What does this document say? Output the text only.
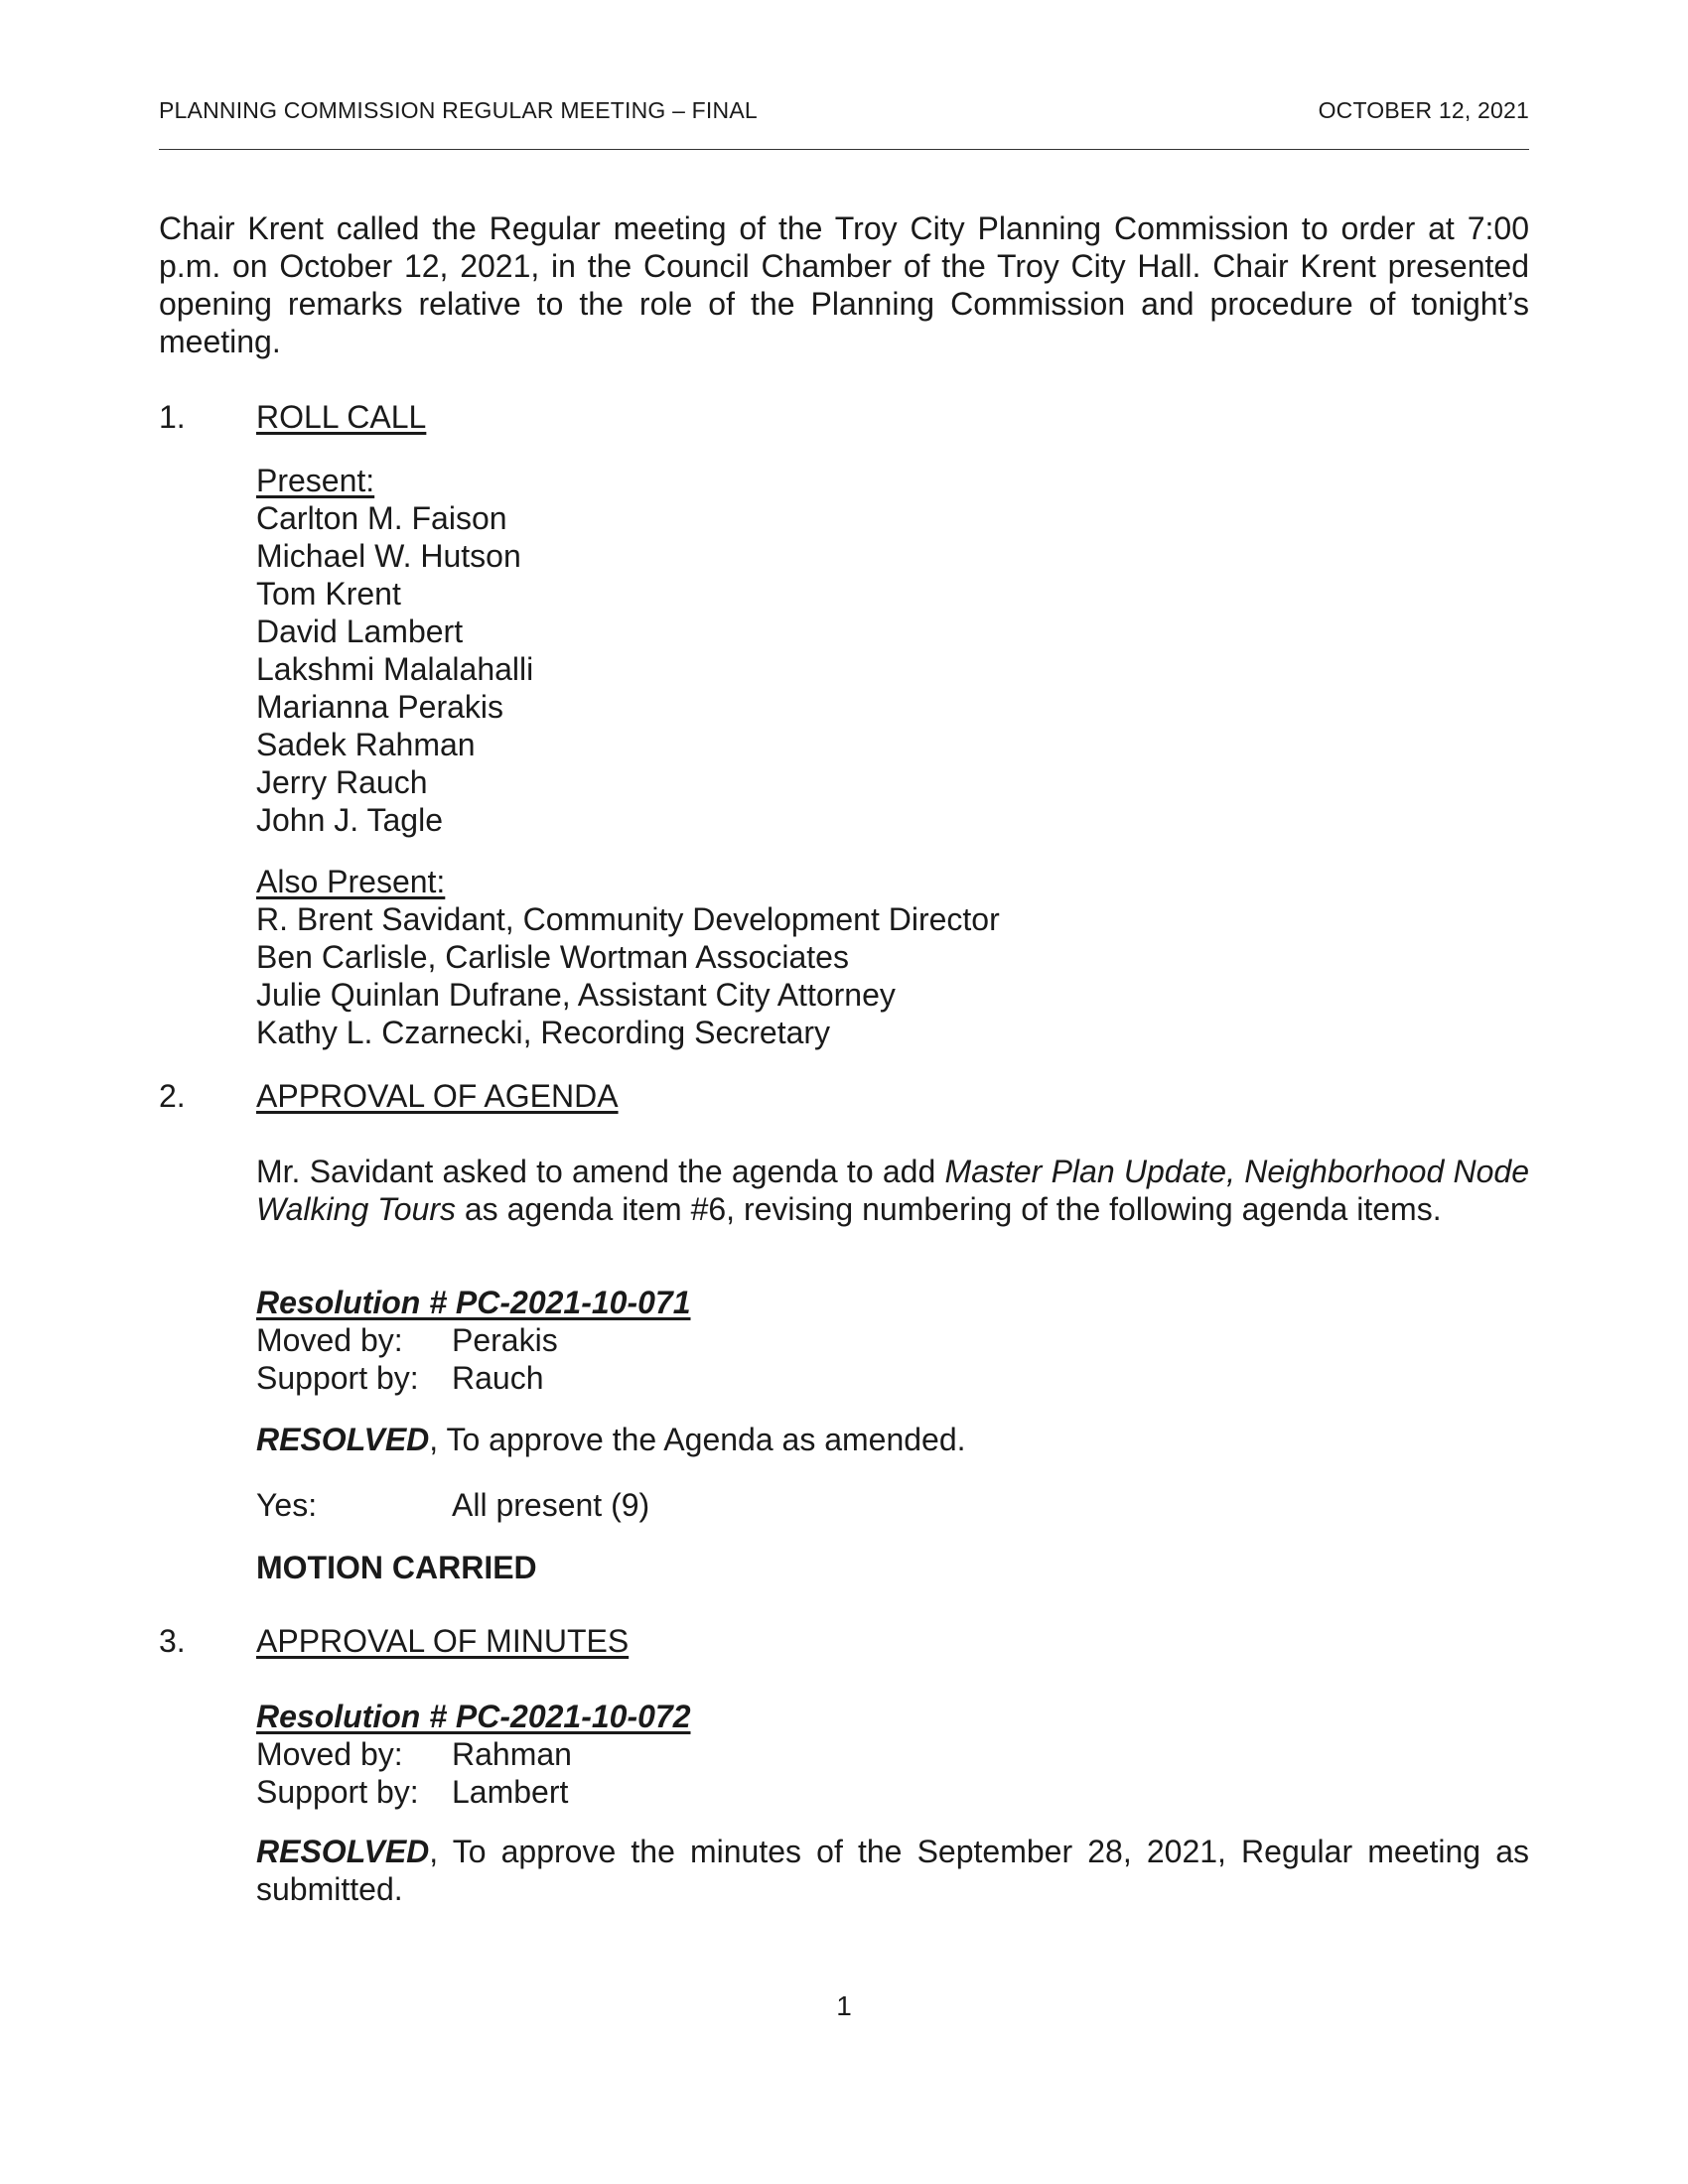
PLANNING COMMISSION REGULAR MEETING – FINAL	OCTOBER 12, 2021
Chair Krent called the Regular meeting of the Troy City Planning Commission to order at 7:00 p.m. on October 12, 2021, in the Council Chamber of the Troy City Hall. Chair Krent presented opening remarks relative to the role of the Planning Commission and procedure of tonight’s meeting.
1. ROLL CALL
Present:
Carlton M. Faison
Michael W. Hutson
Tom Krent
David Lambert
Lakshmi Malalahalli
Marianna Perakis
Sadek Rahman
Jerry Rauch
John J. Tagle
Also Present:
R. Brent Savidant, Community Development Director
Ben Carlisle, Carlisle Wortman Associates
Julie Quinlan Dufrane, Assistant City Attorney
Kathy L. Czarnecki, Recording Secretary
2. APPROVAL OF AGENDA
Mr. Savidant asked to amend the agenda to add Master Plan Update, Neighborhood Node Walking Tours as agenda item #6, revising numbering of the following agenda items.
Resolution # PC-2021-10-071
Moved by:	Perakis
Support by:	Rauch
RESOLVED, To approve the Agenda as amended.
Yes:	All present (9)
MOTION CARRIED
3. APPROVAL OF MINUTES
Resolution # PC-2021-10-072
Moved by:	Rahman
Support by:	Lambert
RESOLVED, To approve the minutes of the September 28, 2021, Regular meeting as submitted.
1
